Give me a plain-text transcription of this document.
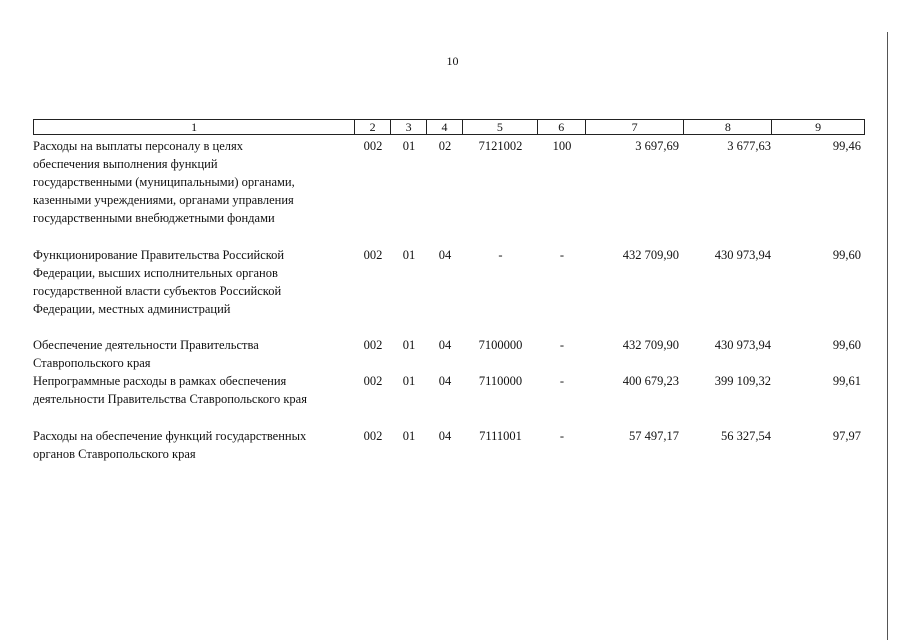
10
1	2	3	4	5	6	7	8	9
Расходы на выплаты персоналу в целях
обеспечения выполнения функций
государственными (муниципальными) органами,
казенными учреждениями, органами управления
государственными внебюджетными фондами
002	01	02	7121002	100	3 697,69	3 677,63	99,46
Функционирование Правительства Российской
Федерации, высших исполнительных органов
государственной власти субъектов Российской
Федерации, местных администраций
002	01	04	-	-	432 709,90	430 973,94	99,60
Обеспечение деятельности Правительства
Ставропольского края
002	01	04	7100000	-	432 709,90	430 973,94	99,60
Непрограммные расходы в рамках обеспечения
деятельности Правительства Ставропольского края
002	01	04	7110000	-	400 679,23	399 109,32	99,61
Расходы на обеспечение функций государственных
органов Ставропольского края
002	01	04	7111001	-	57 497,17	56 327,54	97,97
